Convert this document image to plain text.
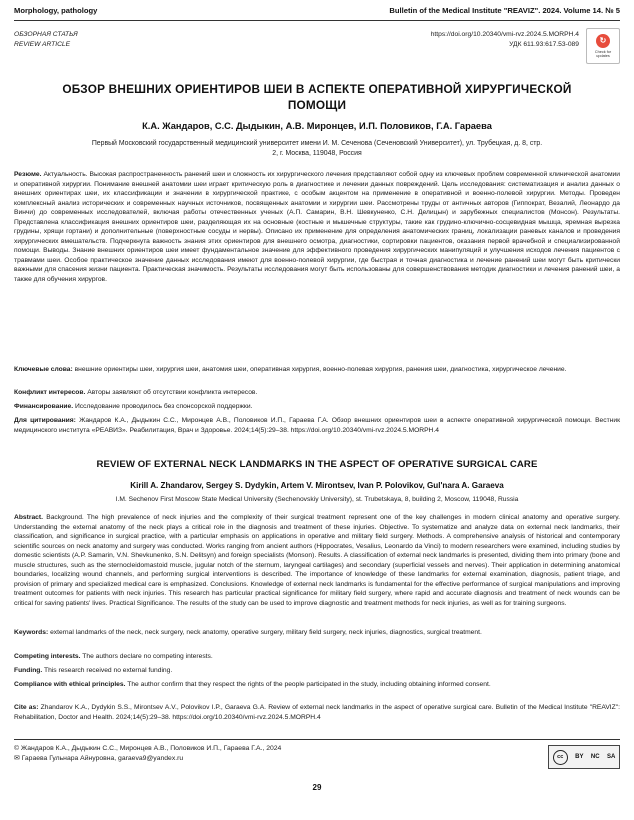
Morphology, pathology	Bulletin of the Medical Institute "REAVIZ". 2024. Volume 14. № 5
ОБЗОРНАЯ СТАТЬЯ
REVIEW ARTICLE
https://doi.org/10.20340/vmi-rvz.2024.5.MORPH.4
УДК 611.93:617.53-089	↻
Check for
updates
ОБЗОР ВНЕШНИХ ОРИЕНТИРОВ ШЕИ В АСПЕКТЕ ОПЕРАТИВНОЙ ХИРУРГИЧЕСКОЙ ПОМОЩИ
К.А. Жандаров, С.С. Дыдыкин, А.В. Миронцев, И.П. Половиков, Г.А. Гараева
Первый Московский государственный медицинский университет имени И. М. Сеченова (Сеченовский Университет), ул. Трубецкая, д. 8, стр. 2, г. Москва, 119048, Россия
Резюме. Актуальность. Высокая распространенность ранений шеи и сложность их хирургического лечения представляют собой одну из ключевых проблем современной клинической анатомии и оперативной хирургии. Понимание внешней анатомии шеи играет критическую роль в диагностике и лечении данных повреждений. Цель исследования: систематизация и анализ данных о внешних ориентирах шеи, их классификации и значении в хирургической практике, с особым акцентом на применение в оперативной и военно-полевой хирургии. Методы. Проведен комплексный анализ исторических и современных научных источников, посвященных анатомии и хирургии шеи. Рассмотрены труды от античных авторов (Гиппократ, Везалий, Леонардо да Винчи) до современных исследователей, включая работы отечественных ученых (А.П. Самарин, В.Н. Шевкуненко, С.Н. Делицын) и зарубежных специалистов (Монсон). Результаты. Представлена классификация внешних ориентиров шеи, разделяющая их на основные (костные и мышечные структуры, такие как грудино-ключично-сосцевидная мышца, яремная вырезка грудины, хрящи гортани) и дополнительные (поверхностные сосуды и нервы). Описано их применение для определения анатомических границ, локализации раневых каналов и проведения хирургических вмешательств. Подчеркнута важность знания этих ориентиров для внешнего осмотра, диагностики, сортировки пациентов, оказания первой врачебной и специализированной помощи. Выводы. Знание внешних ориентиров шеи имеет фундаментальное значение для эффективного проведения хирургических манипуляций и улучшения исходов лечения пациентов с травмами шеи. Особое практическое значение данных исследования имеют для военно-полевой хирургии, где быстрая и точная диагностика и лечение ранений шеи могут быть критически важными для спасения жизни пациента. Практическая значимость. Результаты исследования могут быть использованы для совершенствования методик диагностики и лечения ранений шеи, а также для обучения хирургов.
Ключевые слова: внешние ориентиры шеи, хирургия шеи, анатомия шеи, оперативная хирургия, военно-полевая хирургия, ранения шеи, диагностика, хирургическое лечение.
Конфликт интересов. Авторы заявляют об отсутствии конфликта интересов.
Финансирование. Исследование проводилось без спонсорской поддержки.
Для цитирования: Жандаров К.А., Дыдыкин С.С., Миронцев А.В., Половиков И.П., Гараева Г.А. Обзор внешних ориентиров шеи в аспекте оперативной хирургической помощи. Вестник медицинского института «РЕАВИЗ». Реабилитация, Врач и Здоровье. 2024;14(5):29–38. https://doi.org/10.20340/vmi-rvz.2024.5.MORPH.4
REVIEW OF EXTERNAL NECK LANDMARKS IN THE ASPECT OF OPERATIVE SURGICAL CARE
Kirill A. Zhandarov, Sergey S. Dydykin, Artem V. Mirontsev, Ivan P. Polovikov, Gul'nara A. Garaeva
I.M. Sechenov First Moscow State Medical University (Sechenovskiy University), st. Trubetskaya, 8, building 2, Moscow, 119048, Russia
Abstract. Background. The high prevalence of neck injuries and the complexity of their surgical treatment represent one of the key challenges in modern clinical anatomy and operative surgery. Understanding the external anatomy of the neck plays a critical role in the diagnosis and treatment of these injuries. Objective. To systematize and analyze data on external neck landmarks, their classification, and significance in surgical practice, with a particular emphasis on applications in operative and military field surgery. Methods. A comprehensive analysis of historical and contemporary scientific sources on neck anatomy and surgery was conducted. Works ranging from ancient authors (Hippocrates, Vesalius, Leonardo da Vinci) to modern researchers were examined, including studies by domestic scientists (A.P. Samarin, V.N. Shevkunenko, S.N. Delitsyn) and foreign specialists (Monson). Results. A classification of external neck landmarks is presented, dividing them into primary (bone and muscle structures, such as the sternocleidomastoid muscle, jugular notch of the sternum, laryngeal cartilages) and secondary (superficial vessels and nerves). Their application in determining anatomical boundaries, localizing wound channels, and performing surgical interventions is described. The importance of knowledge of these landmarks for external examination, diagnosis, patient triage, and provision of primary and specialized medical care is emphasized. Conclusions. Knowledge of external neck landmarks is fundamental for the effective performance of surgical manipulations and improving treatment outcomes for patients with neck injuries. This research has particular practical significance for military field surgery, where rapid and accurate diagnosis and treatment of neck wounds can be critical for saving patients' lives. Practical Significance. The results of the study can be used to improve diagnostic and treatment methods for neck injuries, as well as for training surgeons.
Keywords: external landmarks of the neck, neck surgery, neck anatomy, operative surgery, military field surgery, neck injuries, diagnostics, surgical treatment.
Competing interests. The authors declare no competing interests.
Funding. This research received no external funding.
Compliance with ethical principles. The author confirm that they respect the rights of the people participated in the study, including obtaining informed consent.
Cite as: Zhandarov K.A., Dydykin S.S., Mirontsev A.V., Polovikov I.P., Garaeva G.A. Review of external neck landmarks in the aspect of operative surgical care. Bulletin of the Medical Institute "REAVIZ": Rehabilitation, Doctor and Health. 2024;14(5):29–38. https://doi.org/10.20340/vmi-rvz.2024.5.MORPH.4
© Жандаров К.А., Дыдыкин С.С., Миронцев А.В., Половиков И.П., Гараева Г.А., 2024
✉ Гараева Гульнара Айнуровна, garaeva9@yandex.ru	cc	BY NC SA
29
